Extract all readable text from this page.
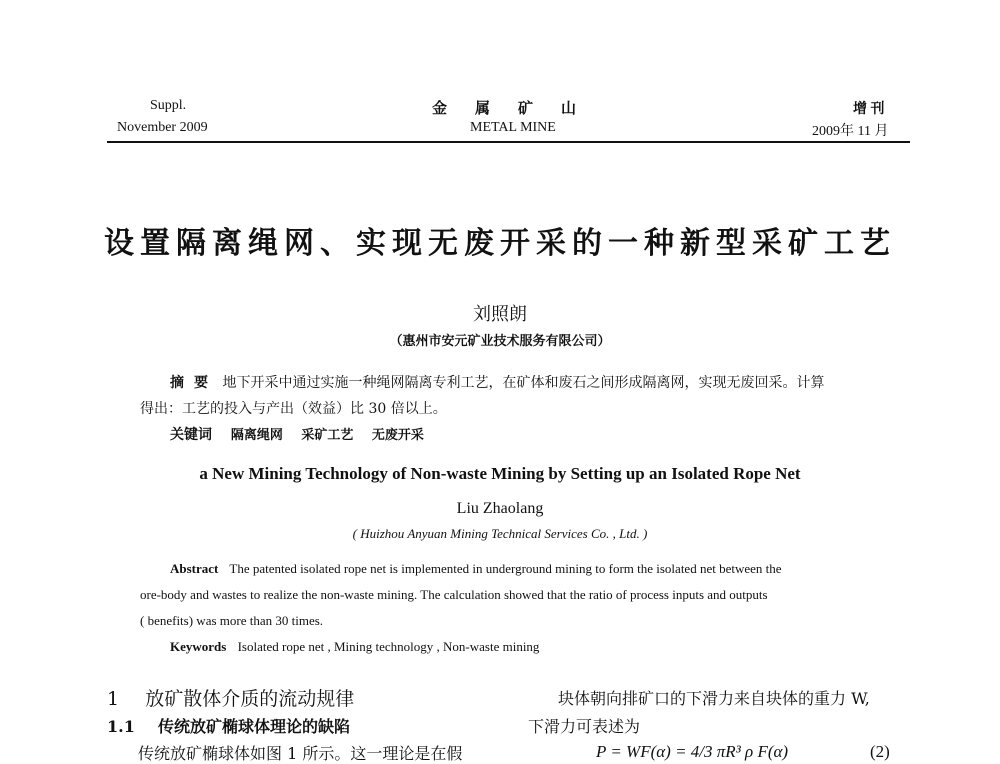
Suppl.
November 2009
金属矿山
METAL MINE
增 刊
2009年 11 月
设置隔离绳网、实现无废开采的一种新型采矿工艺
刘照朗
（惠州市安元矿业技术服务有限公司）
摘要 地下开采中通过实施一种绳网隔离专利工艺，在矿体和废石之间形成隔离网，实现无废回采。计算
得出：工艺的投入与产出（效益）比 30 倍以上。
关键词 隔离绳网 采矿工艺 无废开采
a New Mining Technology of Non-waste Mining by Setting up an Isolated Rope Net
Liu Zhaolang
( Huizhou Anyuan Mining Technical Services Co. , Ltd. )
Abstract The patented isolated rope net is implemented in underground mining to form the isolated net between the
ore-body and wastes to realize the non-waste mining. The calculation showed that the ratio of process inputs and outputs
( benefits) was more than 30 times.
Keywords Isolated rope net , Mining technology , Non-waste mining
1 放矿散体介质的流动规律
1.1 传统放矿椭球体理论的缺陷
传统放矿椭球体如图 1 所示。这一理论是在假
块体朝向排矿口的下滑力来自块体的重力 W,
下滑力可表述为
P = WF(α) = 4/3 πR³ ρ F(α)	(2)
